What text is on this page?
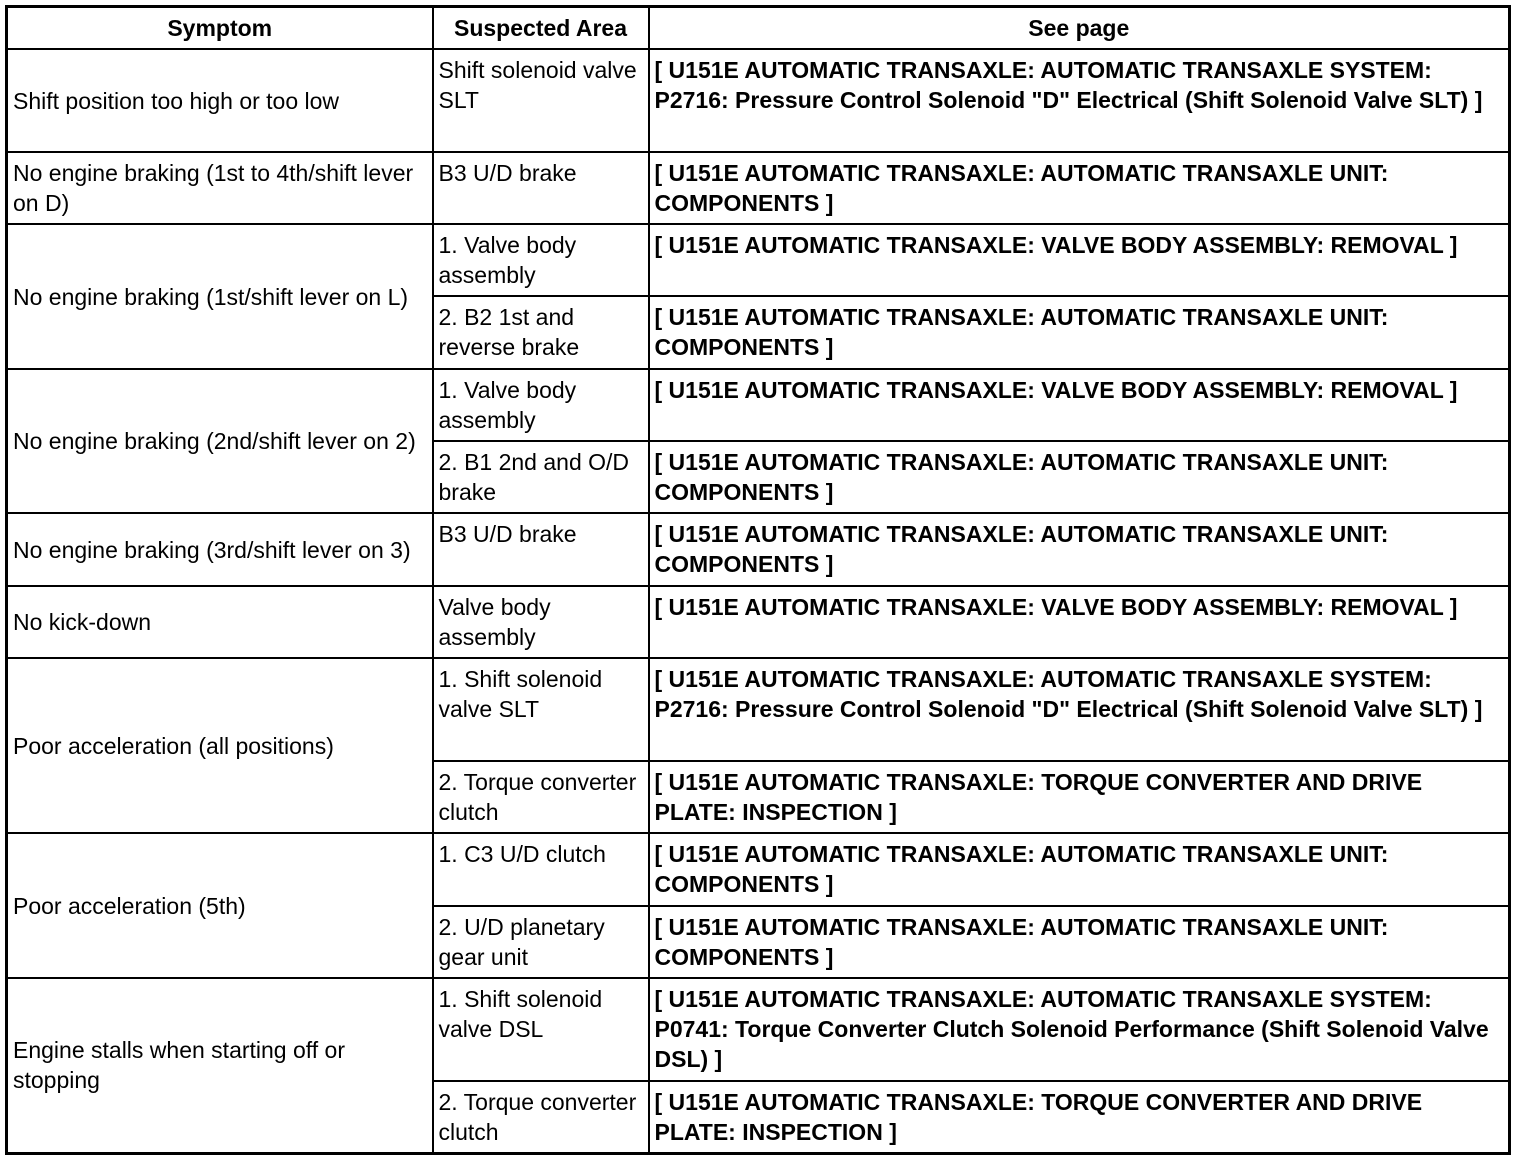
Symptom	Suspected Area	See page
Shift position too high or too low	Shift solenoid valve SLT	[ U151E AUTOMATIC TRANSAXLE: AUTOMATIC TRANSAXLE SYSTEM: P2716: Pressure Control Solenoid "D" Electrical (Shift Solenoid Valve SLT) ]
No engine braking (1st to 4th/shift lever on D)	B3 U/D brake	[ U151E AUTOMATIC TRANSAXLE: AUTOMATIC TRANSAXLE UNIT: COMPONENTS ]
No engine braking (1st/shift lever on L)	1. Valve body assembly	[ U151E AUTOMATIC TRANSAXLE: VALVE BODY ASSEMBLY: REMOVAL ]
	2. B2 1st and reverse brake	[ U151E AUTOMATIC TRANSAXLE: AUTOMATIC TRANSAXLE UNIT: COMPONENTS ]
No engine braking (2nd/shift lever on 2)	1. Valve body assembly	[ U151E AUTOMATIC TRANSAXLE: VALVE BODY ASSEMBLY: REMOVAL ]
	2. B1 2nd and O/D brake	[ U151E AUTOMATIC TRANSAXLE: AUTOMATIC TRANSAXLE UNIT: COMPONENTS ]
No engine braking (3rd/shift lever on 3)	B3 U/D brake	[ U151E AUTOMATIC TRANSAXLE: AUTOMATIC TRANSAXLE UNIT: COMPONENTS ]
No kick-down	Valve body assembly	[ U151E AUTOMATIC TRANSAXLE: VALVE BODY ASSEMBLY: REMOVAL ]
Poor acceleration (all positions)	1. Shift solenoid valve SLT	[ U151E AUTOMATIC TRANSAXLE: AUTOMATIC TRANSAXLE SYSTEM: P2716: Pressure Control Solenoid "D" Electrical (Shift Solenoid Valve SLT) ]
	2. Torque converter clutch	[ U151E AUTOMATIC TRANSAXLE: TORQUE CONVERTER AND DRIVE PLATE: INSPECTION ]
Poor acceleration (5th)	1. C3 U/D clutch	[ U151E AUTOMATIC TRANSAXLE: AUTOMATIC TRANSAXLE UNIT: COMPONENTS ]
	2. U/D planetary gear unit	[ U151E AUTOMATIC TRANSAXLE: AUTOMATIC TRANSAXLE UNIT: COMPONENTS ]
Engine stalls when starting off or stopping	1. Shift solenoid valve DSL	[ U151E AUTOMATIC TRANSAXLE: AUTOMATIC TRANSAXLE SYSTEM: P0741: Torque Converter Clutch Solenoid Performance (Shift Solenoid Valve DSL) ]
	2. Torque converter clutch	[ U151E AUTOMATIC TRANSAXLE: TORQUE CONVERTER AND DRIVE PLATE: INSPECTION ]
